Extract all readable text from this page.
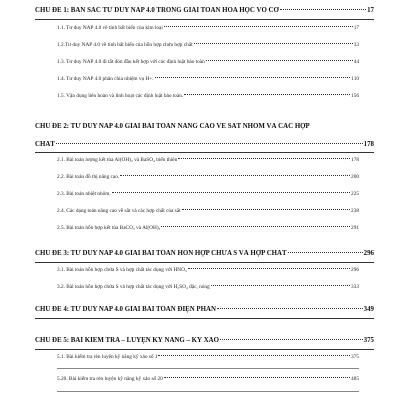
CHỦ ĐỀ 1: BẢN SẮC TƯ DUY NAP 4.0 TRONG GIẢI TOÁN HÓA HỌC VÔ CƠ	17
1.1. Tư duy NAP 4.0 về tính bất biến của kim loại	17
1.2.Tư duy NAP 4.0 về tính bất biến của hỗn hợp chứa hợp chất	33
1.3. Tư duy NAP 4.0 đi tắt đón đầu kết hợp với các định luật bảo toàn	44
1.4. Tư duy NAP 4.0 phân chia nhiệm vụ H+.	110
1.5. Vận dụng liên hoàn và linh hoạt các định luật bảo toàn.	156
CHỦ ĐỀ 2: TƯ DUY NAP 4.0 GIẢI BÀI TOÁN NÂNG CAO VỀ SẮT NHÔM VÀ CÁC HỢP
CHẤT	178
2.1. Bài toán lượng kết tủa Al(OH)₃ và BaSO₄ biến thiên	178
2.2. Bài toán đồ thị nâng cao.	200
2.3. Bài toán nhiệt nhôm.	225
2.4. Các dạng toán nâng cao về sắt và các hợp chất của sắt	238
2.5. Bài toán hỗn hợp kết tủa BaCO₃ và Al(OH)₃	291
CHỦ ĐỀ 3: TƯ DUY NAP 4.0 GIẢI BÀI TOÁN HỖN HỢP CHỨA S VÀ HỢP CHẤT	296
3.1. Bài toán hỗn hợp chứa S và hợp chất tác dụng với HNO₃	296
3.2. Bài toán hỗn hợp chứa S và hợp chất tác dụng với H₂SO₄ đặc, nóng	333
CHỦ ĐỀ 4: TƯ DUY NAP 4.0 GIẢI BÀI TOÁN ĐIỆN PHÂN	349
CHỦ ĐỀ 5: BÀI KIỂM TRA – LUYỆN KỸ NĂNG – KỸ XẢO	375
5.1. Bài kiểm tra rèn luyện kỹ năng kỹ xảo số 1	375
5.20. Bài kiểm tra rèn luyện kỹ năng kỹ xảo số 20	485
